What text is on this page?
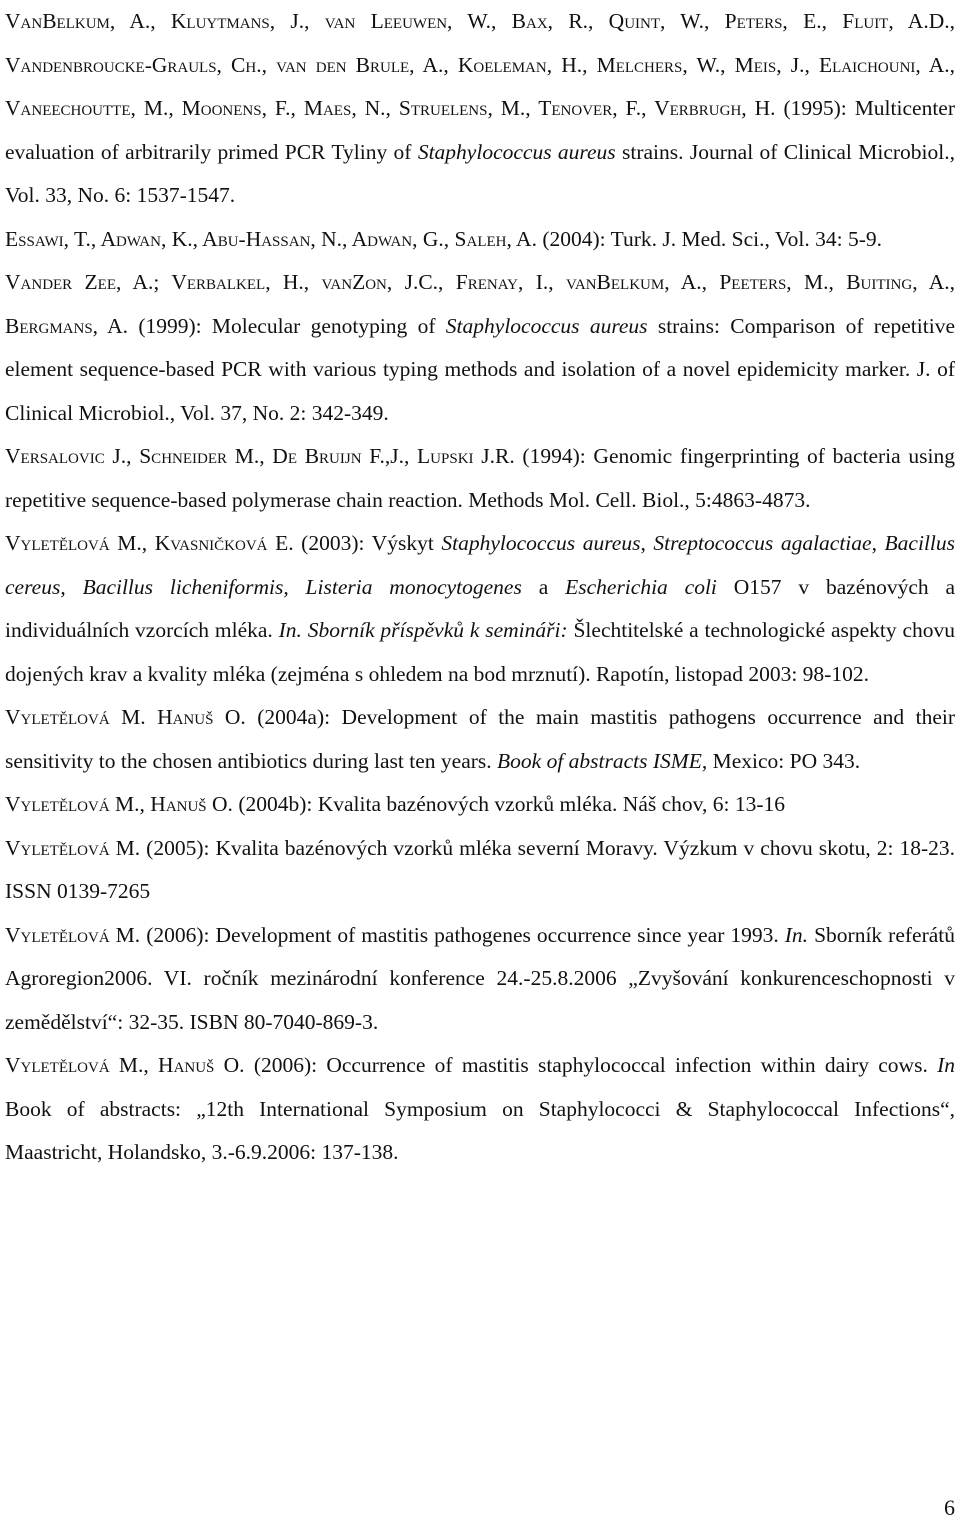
VanBelkum, A., Kluytmans, J., van Leeuwen, W., Bax, R., Quint, W., Peters, E., Fluit, A.D., Vandenbroucke-Grauls, Ch., van den Brule, A., Koeleman, H., Melchers, W., Meis, J., Elaichouni, A., Vaneechoutte, M., Moonens, F., Maes, N., Struelens, M., Tenover, F., Verbrugh, H. (1995): Multicenter evaluation of arbitrarily primed PCR Tyliny of Staphylococcus aureus strains. Journal of Clinical Microbiol., Vol. 33, No. 6: 1537-1547.

Essawi, T., Adwan, K., Abu-Hassan, N., Adwan, G., Saleh, A. (2004): Turk. J. Med. Sci., Vol. 34: 5-9.

Vander Zee, A.; Verbalkel, H., vanZon, J.C., Frenay, I., vanBelkum, A., Peeters, M., Buiting, A., Bergmans, A. (1999): Molecular genotyping of Staphylococcus aureus strains: Comparison of repetitive element sequence-based PCR with various typing methods and isolation of a novel epidemicity marker. J. of Clinical Microbiol., Vol. 37, No. 2: 342-349.

Versalovic J., Schneider M., De Bruijn F.,J., Lupski J.R. (1994): Genomic fingerprinting of bacteria using repetitive sequence-based polymerase chain reaction. Methods Mol. Cell. Biol., 5:4863-4873.

Vyletělová M., Kvasničková E. (2003): Výskyt Staphylococcus aureus, Streptococcus agalactiae, Bacillus cereus, Bacillus licheniformis, Listeria monocytogenes a Escherichia coli O157 v bazénových a individuálních vzorcích mléka. In. Sborník příspěvků k semináři: Šlechtitelské a technologické aspekty chovu dojených krav a kvality mléka (zejména s ohledem na bod mrznutí). Rapotín, listopad 2003: 98-102.

Vyletělová M. Hanuš O. (2004a): Development of the main mastitis pathogens occurrence and their sensitivity to the chosen antibiotics during last ten years. Book of abstracts ISME, Mexico: PO 343.

Vyletělová M., Hanuš O. (2004b): Kvalita bazénových vzorků mléka. Náš chov, 6: 13-16

Vyletělová M. (2005): Kvalita bazénových vzorků mléka severní Moravy. Výzkum v chovu skotu, 2: 18-23. ISSN 0139-7265

Vyletělová M. (2006): Development of mastitis pathogenes occurrence since year 1993. In. Sborník referátů Agroregion2006. VI. ročník mezinárodní konference 24.-25.8.2006 „Zvyšování konkurenceschopnosti v zemědělství“: 32-35. ISBN 80-7040-869-3.

Vyletělová M., Hanuš O. (2006): Occurrence of mastitis staphylococcal infection within dairy cows. In Book of abstracts: „12th International Symposium on Staphylococci & Staphylococcal Infections“, Maastricht, Holandsko, 3.-6.9.2006: 137-138.

6
